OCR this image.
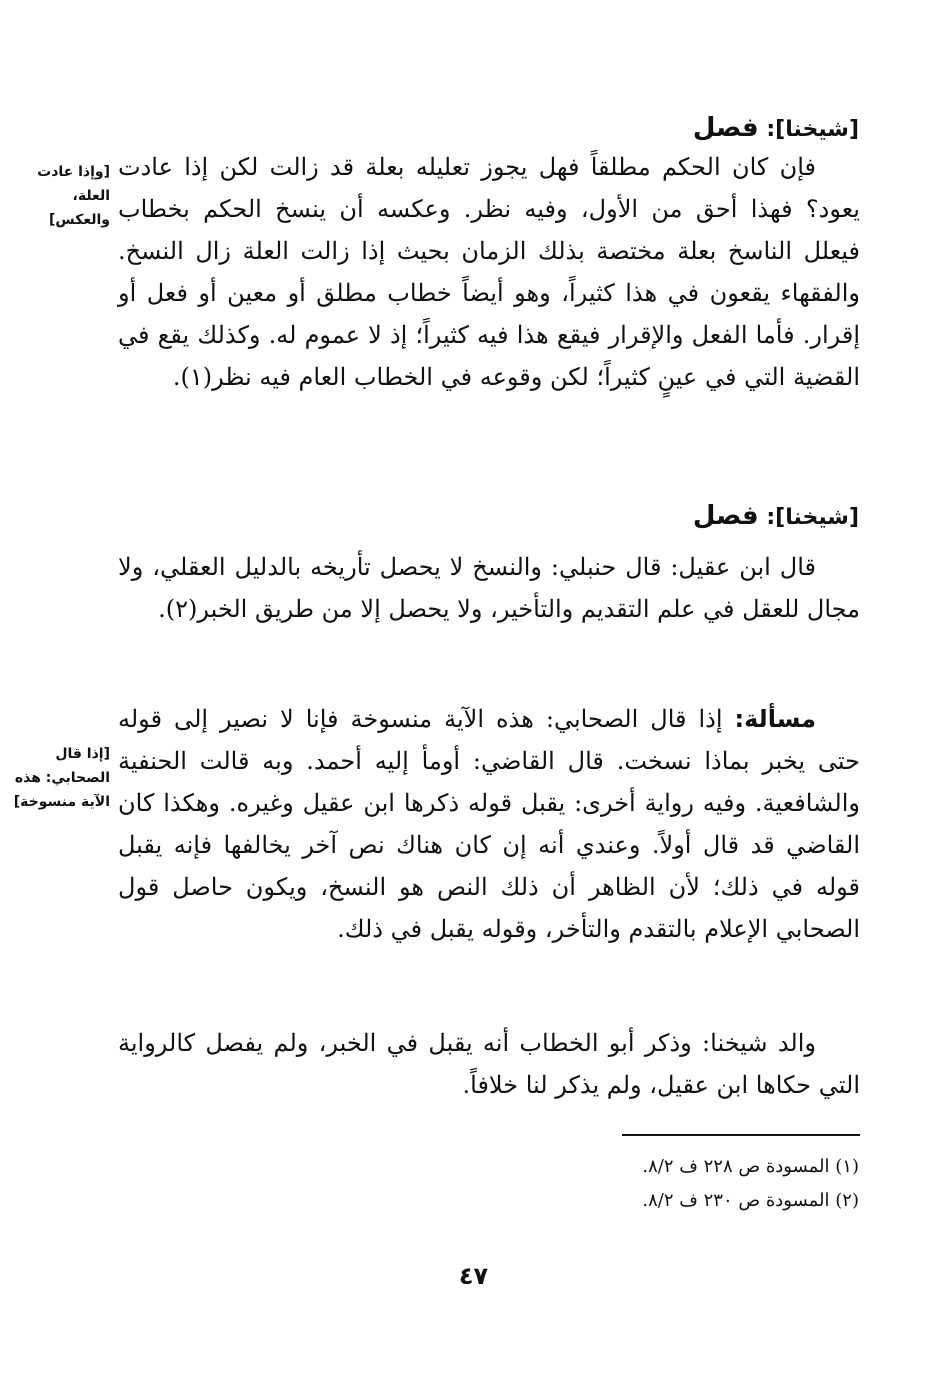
[شيخنا]: فصل

فإن كان الحكم مطلقاً فهل يجوز تعليله بعلة قد زالت لكن إذا عادت يعود؟ فهذا أحق من الأول، وفيه نظر. وعكسه أن ينسخ الحكم بخطاب فيعلل الناسخ بعلة مختصة بذلك الزمان بحيث إذا زالت العلة زال النسخ. والفقهاء يقعون في هذا كثيراً، وهو أيضاً خطاب مطلق أو معين أو فعل أو إقرار. فأما الفعل والإقرار فيقع هذا فيه كثيراً؛ إذ لا عموم له. وكذلك يقع في القضية التي في عينٍ كثيراً؛ لكن وقوعه في الخطاب العام فيه نظر(١).

[وإذا عادت العلة، والعكس]
[شيخنا]: فصل

قال ابن عقيل: قال حنبلي: والنسخ لا يحصل تأريخه بالدليل العقلي، ولا مجال للعقل في علم التقديم والتأخير، ولا يحصل إلا من طريق الخبر(٢).

مسألة: إذا قال الصحابي: هذه الآية منسوخة فإنا لا نصير إلى قوله حتى يخبر بماذا نسخت. قال القاضي: أومأ إليه أحمد. وبه قالت الحنفية والشافعية. وفيه رواية أخرى: يقبل قوله ذكرها ابن عقيل وغيره. وهكذا كان القاضي قد قال أولاً. وعندي أنه إن كان هناك نص آخر يخالفها فإنه يقبل قوله في ذلك؛ لأن الظاهر أن ذلك النص هو النسخ، ويكون حاصل قول الصحابي الإعلام بالتقدم والتأخر، وقوله يقبل في ذلك.

[إذا قال الصحابي: هذه الآية منسوخة]

والد شيخنا: وذكر أبو الخطاب أنه يقبل في الخبر، ولم يفصل كالرواية التي حكاها ابن عقيل، ولم يذكر لنا خلافاً.

(١) المسودة ص ٢٢٨ ف ٨/٢.
(٢) المسودة ص ٢٣٠ ف ٨/٢.
٤٧
